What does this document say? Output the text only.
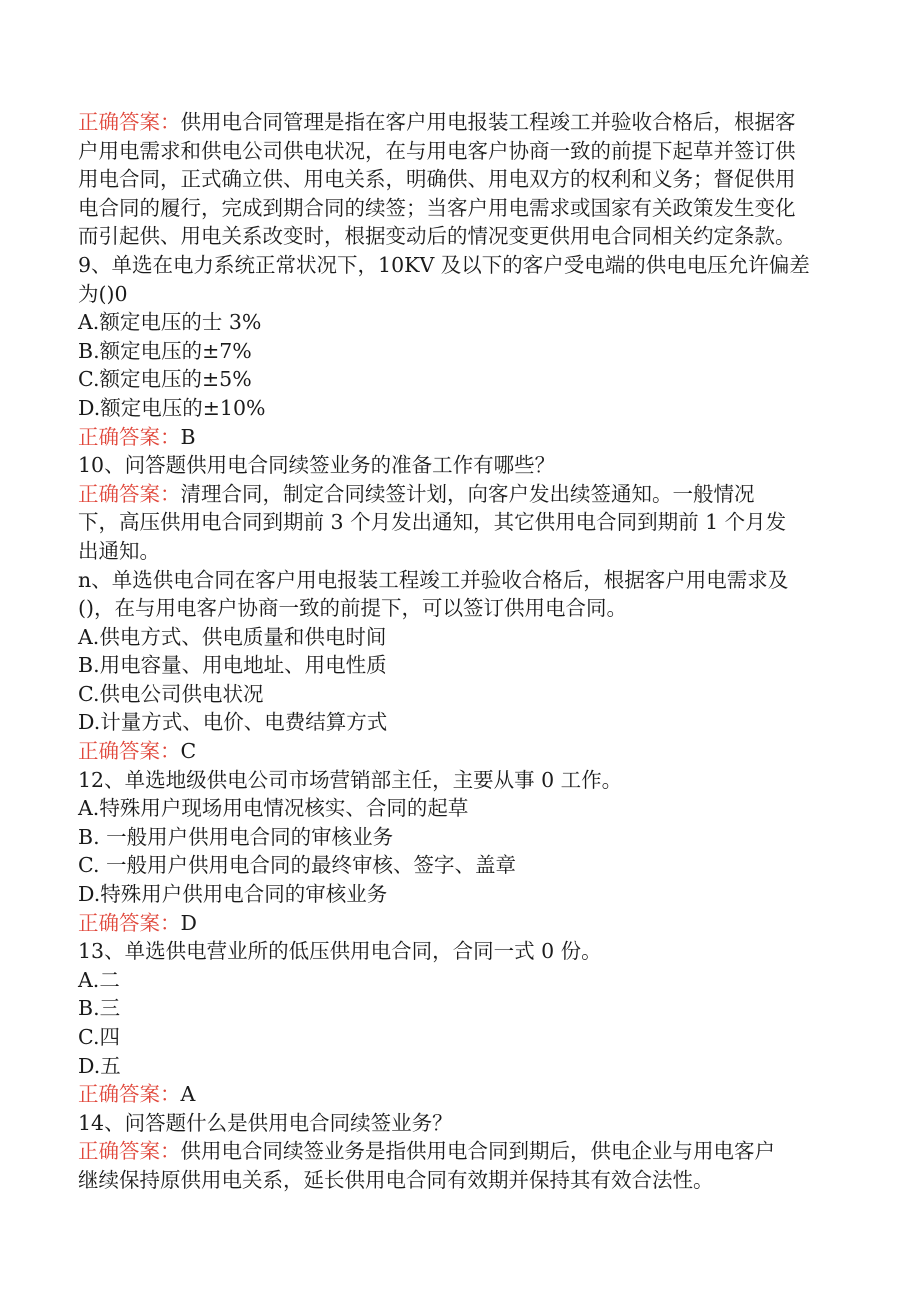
正确答案：供用电合同管理是指在客户用电报装工程竣工并验收合格后，根据客
户用电需求和供电公司供电状况，在与用电客户协商一致的前提下起草并签订供
用电合同，正式确立供、用电关系，明确供、用电双方的权利和义务；督促供用
电合同的履行，完成到期合同的续签；当客户用电需求或国家有关政策发生变化
而引起供、用电关系改变时，根据变动后的情况变更供用电合同相关约定条款。
9、单选在电力系统正常状况下，10KV 及以下的客户受电端的供电电压允许偏差
为()0
A.额定电压的士 3%
B.额定电压的±7%
C.额定电压的±5%
D.额定电压的±10%
正确答案：B
10、问答题供用电合同续签业务的准备工作有哪些？
正确答案：清理合同，制定合同续签计划，向客户发出续签通知。一般情况
下，高压供用电合同到期前 3 个月发出通知，其它供用电合同到期前 1 个月发
出通知。
n、单选供电合同在客户用电报装工程竣工并验收合格后，根据客户用电需求及
()，在与用电客户协商一致的前提下，可以签订供用电合同。
A.供电方式、供电质量和供电时间
B.用电容量、用电地址、用电性质
C.供电公司供电状况
D.计量方式、电价、电费结算方式
正确答案：C
12、单选地级供电公司市场营销部主任，主要从事 0 工作。
A.特殊用户现场用电情况核实、合同的起草
B. 一般用户供用电合同的审核业务
C. 一般用户供用电合同的最终审核、签字、盖章
D.特殊用户供用电合同的审核业务
正确答案：D
13、单选供电营业所的低压供用电合同，合同一式 0 份。
A.二
B.三
C.四
D.五
正确答案：A
14、问答题什么是供用电合同续签业务？
正确答案：供用电合同续签业务是指供用电合同到期后，供电企业与用电客户
继续保持原供用电关系，延长供用电合同有效期并保持其有效合法性。
